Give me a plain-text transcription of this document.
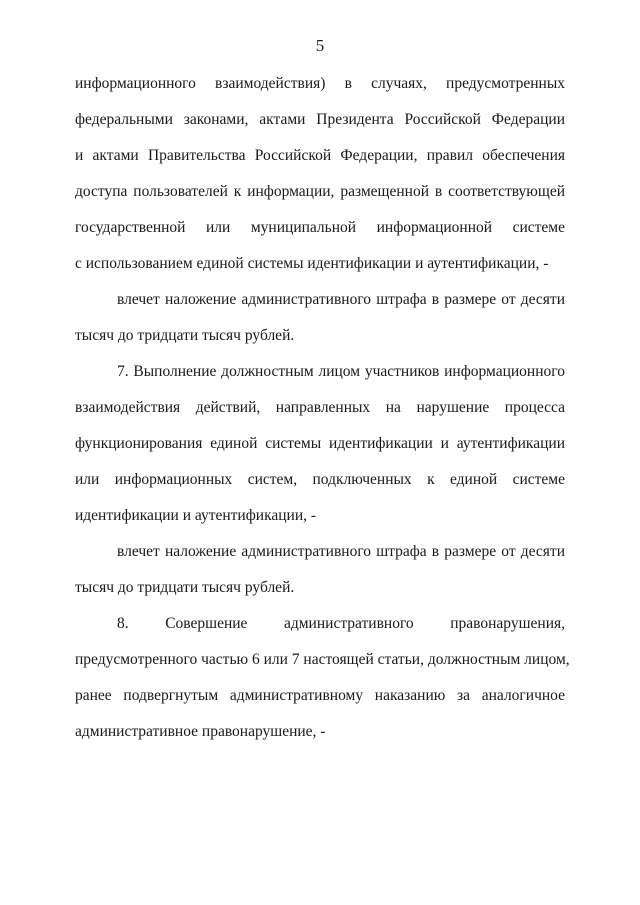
5
информационного взаимодействия) в случаях, предусмотренных
федеральными законами, актами Президента Российской Федерации
и актами Правительства Российской Федерации, правил обеспечения
доступа пользователей к информации, размещенной в соответствующей
государственной или муниципальной информационной системе
с использованием единой системы идентификации и аутентификации, -
влечет наложение административного штрафа в размере от десяти
тысяч до тридцати тысяч рублей.
7. Выполнение должностным лицом участников информационного
взаимодействия действий, направленных на нарушение процесса
функционирования единой системы идентификации и аутентификации
или информационных систем, подключенных к единой системе
идентификации и аутентификации, -
влечет наложение административного штрафа в размере от десяти
тысяч до тридцати тысяч рублей.
8. Совершение административного правонарушения,
предусмотренного частью 6 или 7 настоящей статьи, должностным лицом,
ранее подвергнутым административному наказанию за аналогичное
административное правонарушение, -
